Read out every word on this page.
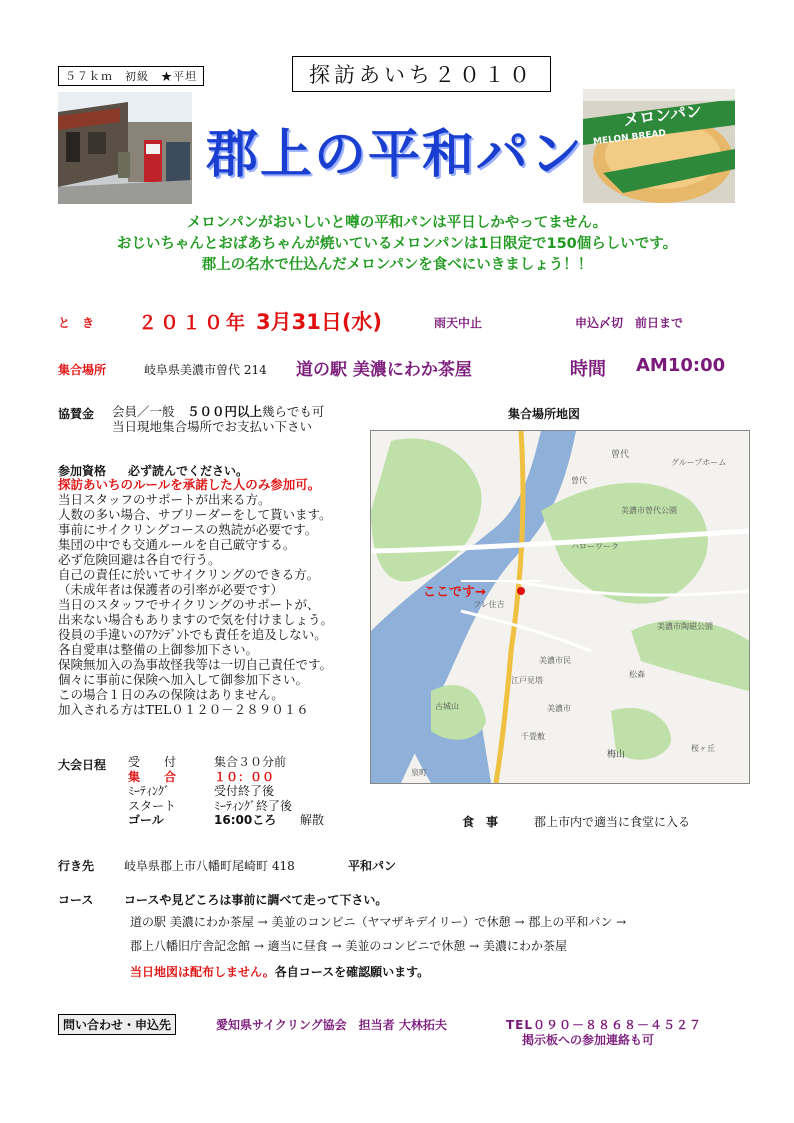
５７ｋｍ　初級　★平坦	探訪あいち２０１０
メロンパン
MELON BREAD
郡上の平和パン
メロンパンがおいしいと噂の平和パンは平日しかやってません。
おじいちゃんとおばあちゃんが焼いているメロンパンは1日限定で150個らしいです。
郡上の名水で仕込んだメロンパンを食べにいきましょう！！
と　き ２０１０年 3月31日(水)	雨天中止	申込〆切　前日まで
集合場所	岐阜県美濃市曽代 214 道の駅 美濃にわか茶屋	時間 AM10:00
協賛金 会員／一般　５００円以上幾らでも可
当日現地集合場所でお支払い下さい
集合場所地図
ここです→
曾代
美濃市曽代公園
曽代
美濃市陶磁公園
ハローワーク
美濃市
美濃市民
グループホーム
フレ住吉
江戸見塔
梅山
古城山
桜ヶ丘
松森
千畳敷
泉町
参加資格 必ず読んでください。
探訪あいちのルールを承諾した人のみ参加可。
当日スタッフのサポートが出来る方。
人数の多い場合、サブリーダーをして貰います。
事前にサイクリングコースの熟読が必要です。
集団の中でも交通ルールを自己厳守する。
必ず危険回避は各自で行う。
自己の責任に於いてサイクリングのできる方。
（未成年者は保護者の引率が必要です）
当日のスタッフでサイクリングのサポートが、
出来ない場合もありますので気を付けましょう。
役員の手違いのｱｸｼﾃﾞﾝﾄでも責任を追及しない。
各自愛車は整備の上御参加下さい。
保険無加入の為事故怪我等は一切自己責任です。
個々に事前に保険へ加入して御参加下さい。
この場合１日のみの保険はありません。
加入される方はTEL０１２０－２８９０１６
大会日程 受　　付	集合３０分前
集　　合	１０：００
ﾐｰﾃｨﾝｸﾞ	受付終了後
スタート	ﾐｰﾃｨﾝｸﾞ終了後
ゴール	16:00ころ 解散	食　事	郡上市内で適当に食堂に入る
行き先 岐阜県郡上市八幡町尾崎町 418	平和パン
コース	コースや見どころは事前に調べて走って下さい。
道の駅 美濃にわか茶屋 → 美並のコンビニ（ヤマザキデイリー）で休憩 → 郡上の平和パン →
郡上八幡旧庁舎記念館 → 適当に昼食 → 美並のコンビニで休憩 → 美濃にわか茶屋
当日地図は配布しません。各自コースを確認願います。
問い合わせ・申込先	愛知県サイクリング協会　担当者 大林拓夫	TEL０９０－８８６８－４５２７
掲示板への参加連絡も可
